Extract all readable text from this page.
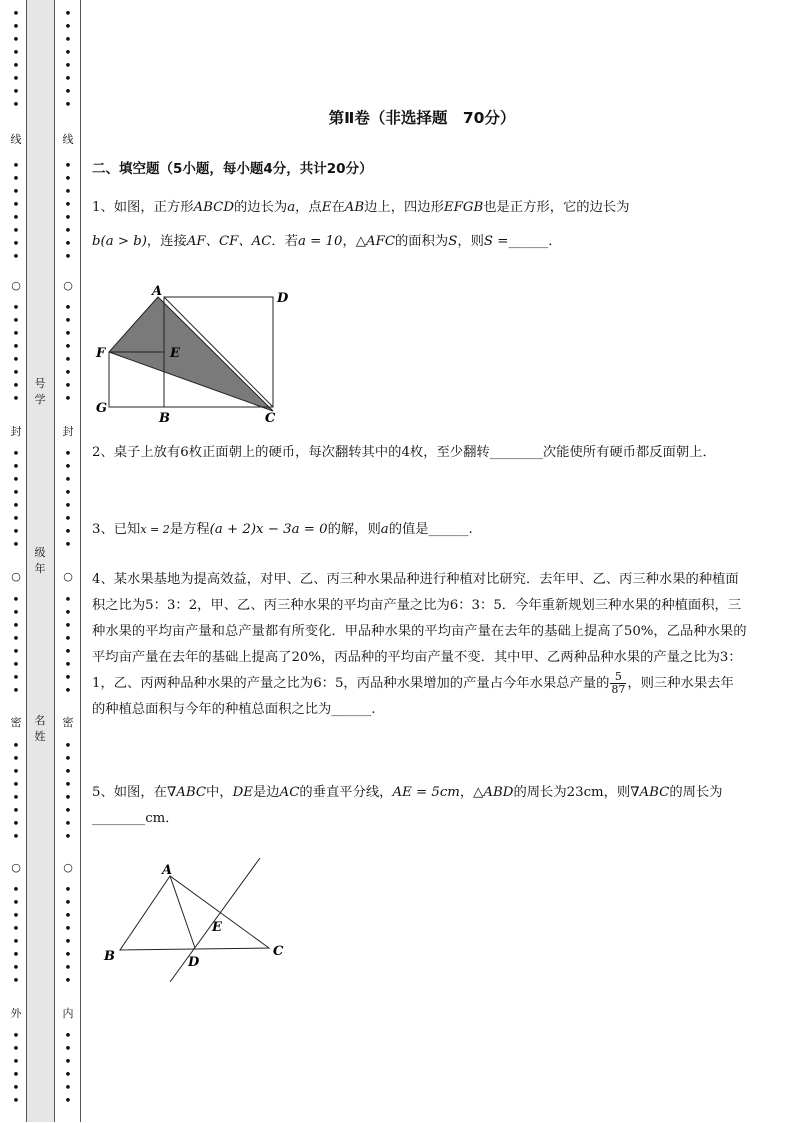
•
•
•
•
•
•
•
•
线
•
•
•
•
•
•
•
•
○
•
•
•
•
•
•
•
•
封
•
•
•
•
•
•
•
•
○
•
•
•
•
•
•
•
•
密
•
•
•
•
•
•
•
•
○
•
•
•
•
•
•
•
•
外
•
•
•
•
•
•
号
学
级
年
名
姓
•
•
•
•
•
•
•
•
线
•
•
•
•
•
•
•
•
○
•
•
•
•
•
•
•
•
封
•
•
•
•
•
•
•
•
○
•
•
•
•
•
•
•
•
密
•
•
•
•
•
•
•
•
○
•
•
•
•
•
•
•
•
内
•
•
•
•
•
•
第Ⅱ卷（非选择题　70分）
二、填空题（5小题，每小题4分，共计20分）

1、如图，正方形ABCD的边长为a，点E在AB边上，四边形EFGB也是正方形，它的边长为

b(a > b)，连接AF、CF、AC．若a = 10，△AFC的面积为S，则S =______．

A	D
F	E
G
B	C
2、桌子上放有6枚正面朝上的硬币，每次翻转其中的4枚，至少翻转________次能使所有硬币都反面朝上．
3、已知x = 2是方程(a + 2)x − 3a = 0的解，则a的值是______.
4、某水果基地为提高效益，对甲、乙、丙三种水果品种进行种植对比研究．去年甲、乙、丙三种水果的种植面积之比为5：3：2，甲、乙、丙三种水果的平均亩产量之比为6：3：5．今年重新规划三种水果的种植面积，三种水果的平均亩产量和总产量都有所变化．甲品种水果的平均亩产量在去年的基础上提高了50%，乙品种水果的平均亩产量在去年的基础上提高了20%，丙品种的平均亩产量不变．其中甲、乙两种品种水果的产量之比为3：1，乙、丙两种品种水果的产量之比为6：5，丙品种水果增加的产量占今年水果总产量的 $\frac{5}{87}$ ，则三种水果去年的种植总面积与今年的种植总面积之比为______.
5、如图，在∇ABC中，DE是边AC的垂直平分线，AE = 5cm，△ABD的周长为23cm，则∇ABC的周长为________cm．
A
B	D
E
C
